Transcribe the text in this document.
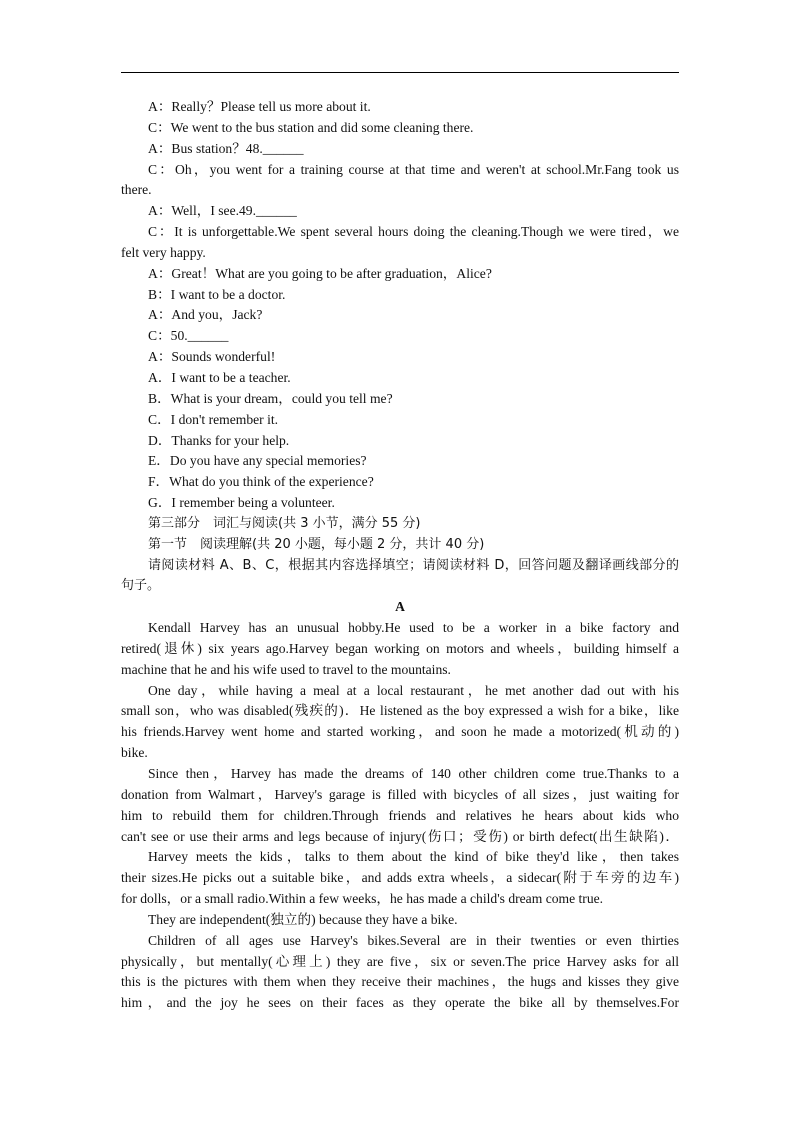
A：Really？Please tell us more about it.
C：We went to the bus station and did some cleaning there.
A：Bus station？48.______
C：Oh，you went for a training course at that time and weren't at school.Mr.Fang took us
there.
A：Well，I see.49.______
C：It is unforgettable.We spent several hours doing the cleaning.Though we were tired，we
felt very happy.
A：Great！What are you going to be after graduation，Alice?
B：I want to be a doctor.
A：And you，Jack?
C：50.______
A：Sounds wonderful!
A．I want to be a teacher.
B．What is your dream，could you tell me?
C．I don't remember it.
D．Thanks for your help.
E．Do you have any special memories?
F．What do you think of the experience?
G．I remember being a volunteer.
第三部分　词汇与阅读(共 3 小节，满分 55 分)
第一节　阅读理解(共 20 小题，每小题 2 分，共计 40 分)
请阅读材料 A、B、C，根据其内容选择填空；请阅读材料 D，回答问题及翻译画线部分的
句子。
A
Kendall Harvey has an unusual hobby.He used to be a worker in a bike factory and
retired(退休) six years ago.Harvey began working on motors and wheels，building himself a
machine that he and his wife used to travel to the mountains.
One day，while having a meal at a local restaurant，he met another dad out with his
small son，who was disabled(残疾的)．He listened as the boy expressed a wish for a bike，like
his friends.Harvey went home and started working，and soon he made a motorized(机动的)
bike.
Since then，Harvey has made the dreams of 140 other children come true.Thanks to a
donation from Walmart，Harvey's garage is filled with bicycles of all sizes，just waiting for
him to rebuild them for children.Through friends and relatives he hears about kids who
can't see or use their arms and legs because of injury(伤口；受伤) or birth defect(出生缺陷)．
Harvey meets the kids，talks to them about the kind of bike they'd like，then takes
their sizes.He picks out a suitable bike，and adds extra wheels，a sidecar(附于车旁的边车)
for dolls，or a small radio.Within a few weeks，he has made a child's dream come true.
They are independent(独立的) because they have a bike.
Children of all ages use Harvey's bikes.Several are in their twenties or even thirties
physically，but mentally(心理上) they are five，six or seven.The price Harvey asks for all
this is the pictures with them when they receive their machines，the hugs and kisses they give
him，and the joy he sees on their faces as they operate the bike all by themselves.For
